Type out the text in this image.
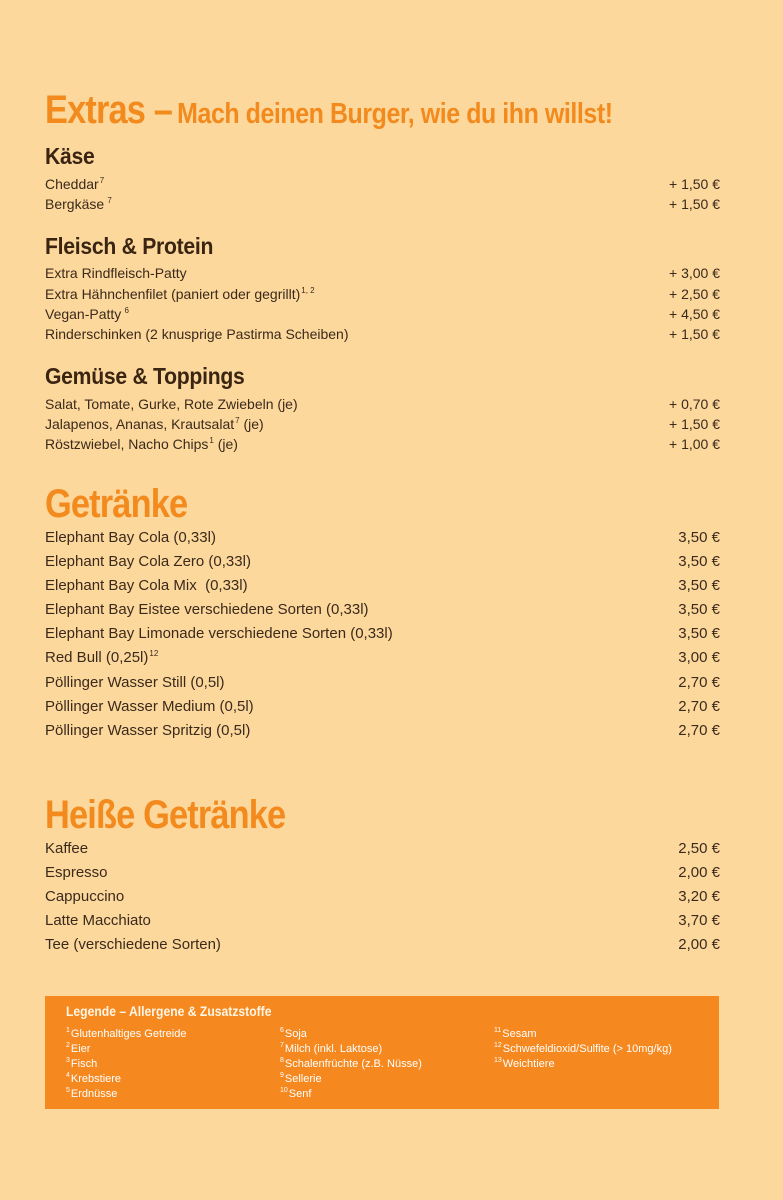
Extras – Mach deinen Burger, wie du ihn willst!
Käse
Cheddar$^7$	+ 1,50 €
Bergkäse $^7$	+ 1,50 €
Fleisch & Protein
Extra Rindfleisch-Patty	+ 3,00 €
Extra Hähnchenfilet (paniert oder gegrillt)$^{1, 2}$	+ 2,50 €
Vegan-Patty $^6$	+ 4,50 €
Rinderschinken (2 knusprige Pastirma Scheiben)	+ 1,50 €
Gemüse & Toppings
Salat, Tomate, Gurke, Rote Zwiebeln (je)	+ 0,70 €
Jalapenos, Ananas, Krautsalat$^7$ (je)	+ 1,50 €
Röstzwiebel, Nacho Chips$^1$ (je)	+ 1,00 €
Getränke
Elephant Bay Cola (0,33l)	3,50 €
Elephant Bay Cola Zero (0,33l)	3,50 €
Elephant Bay Cola Mix  (0,33l)	3,50 €
Elephant Bay Eistee verschiedene Sorten (0,33l)	3,50 €
Elephant Bay Limonade verschiedene Sorten (0,33l)	3,50 €
Red Bull $(0,25l)^{12}$	3,00 €
Pöllinger Wasser Still (0,5l)	2,70 €
Pöllinger Wasser Medium (0,5l)	2,70 €
Pöllinger Wasser Spritzig (0,5l)	2,70 €
Heiße Getränke
Kaffee	2,50 €
Espresso	2,00 €
Cappuccino	3,20 €
Latte Macchiato	3,70 €
Tee (verschiedene Sorten)	2,00 €
Legende – Allergene & Zusatzstoffe
$^1$Glutenhaltiges Getreide
$^2$Eier
$^3$Fisch
$^4$Krebstiere
$^5$Erdnüsse
$^6$Soja
$^7$Milch (inkl. Laktose)
$^8$Schalenfrüchte (z.B. Nüsse)
$^9$Sellerie
$^{10}$Senf
$^{11}$Sesam
$^{12}$Schwefeldioxid/Sulfite (> 10mg/kg)
$^{13}$Weichtiere
